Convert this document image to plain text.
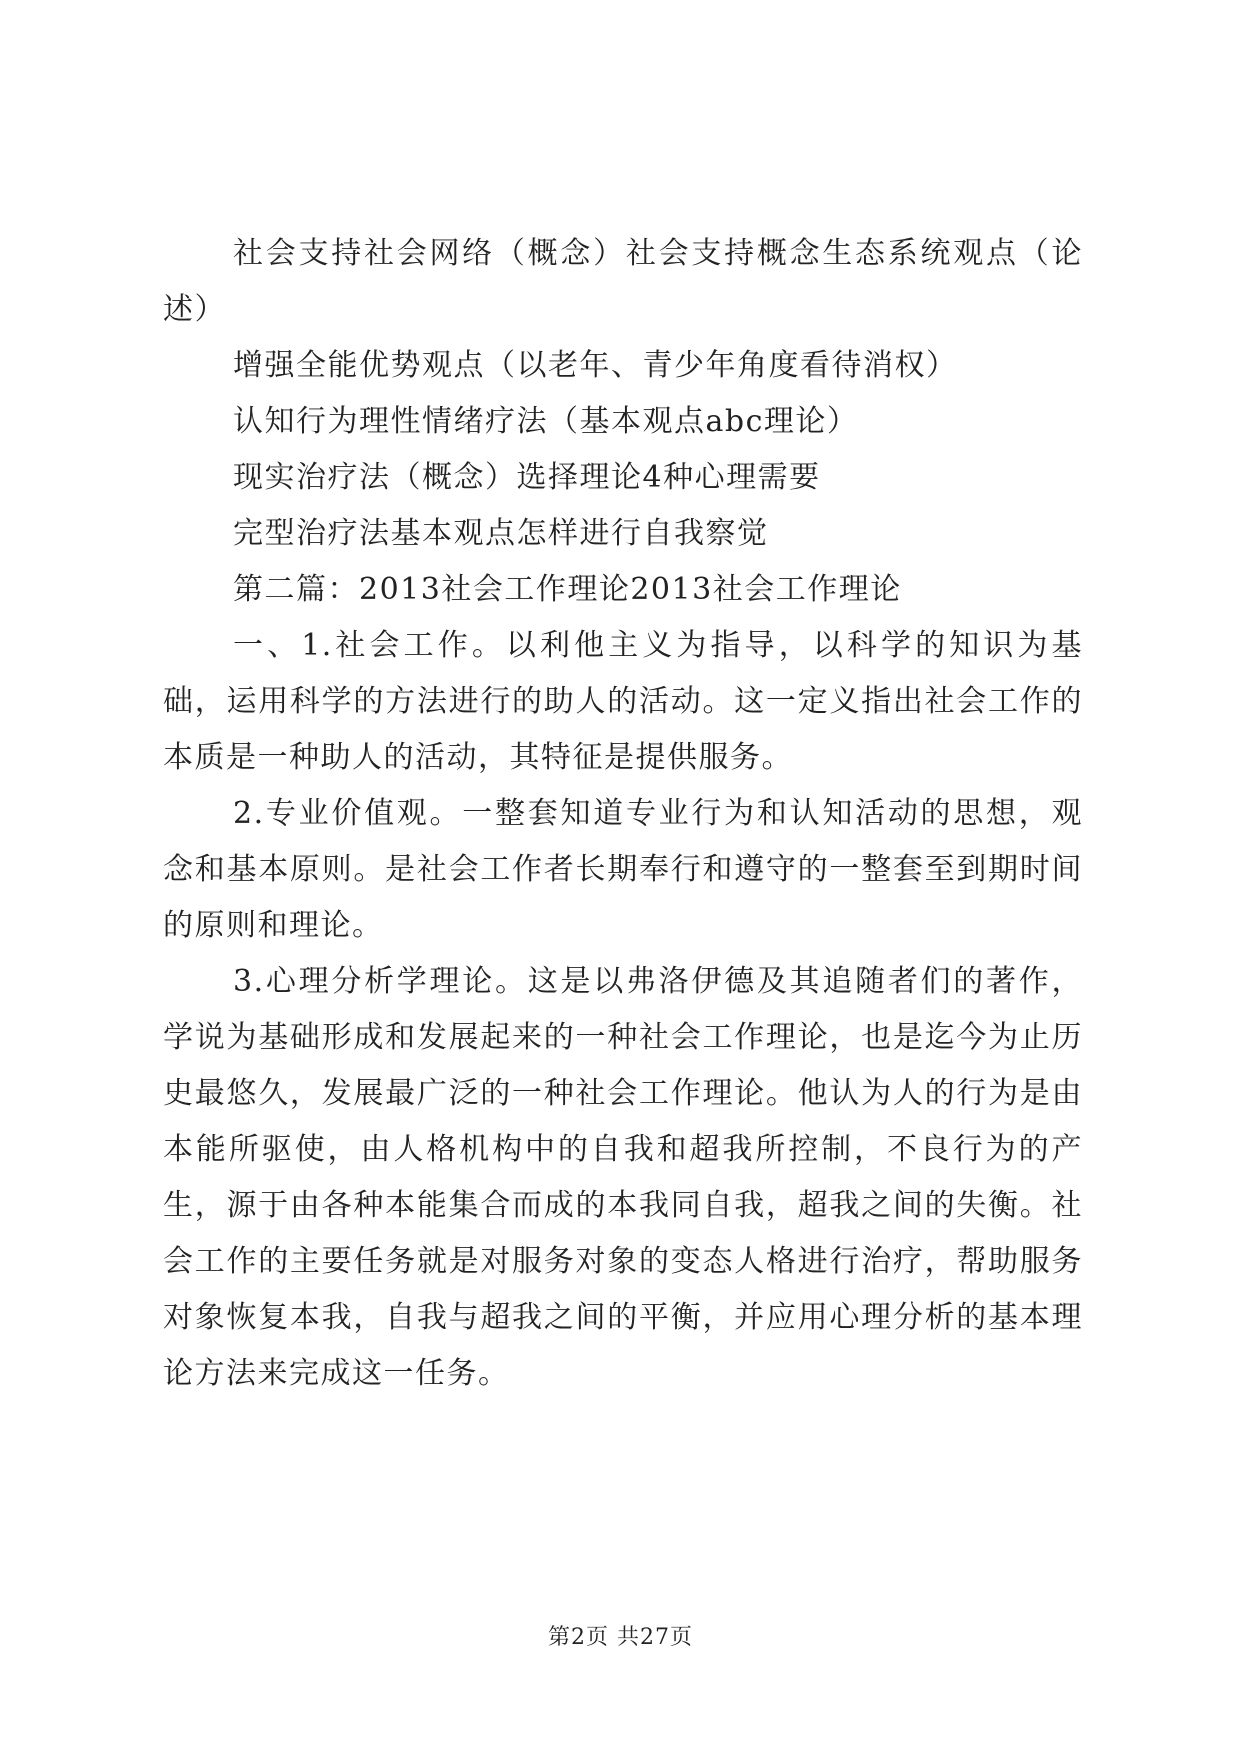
社会支持社会网络（概念）社会支持概念生态系统观点（论述）

增强全能优势观点（以老年、青少年角度看待消权）

认知行为理性情绪疗法（基本观点abc理论）

现实治疗法（概念）选择理论4种心理需要

完型治疗法基本观点怎样进行自我察觉

第二篇：2013社会工作理论2013社会工作理论

一、1.社会工作。以利他主义为指导，以科学的知识为基础，运用科学的方法进行的助人的活动。这一定义指出社会工作的本质是一种助人的活动，其特征是提供服务。

2.专业价值观。一整套知道专业行为和认知活动的思想，观念和基本原则。是社会工作者长期奉行和遵守的一整套至到期时间的原则和理论。

3.心理分析学理论。这是以弗洛伊德及其追随者们的著作，学说为基础形成和发展起来的一种社会工作理论，也是迄今为止历史最悠久，发展最广泛的一种社会工作理论。他认为人的行为是由本能所驱使，由人格机构中的自我和超我所控制，不良行为的产生，源于由各种本能集合而成的本我同自我，超我之间的失衡。社会工作的主要任务就是对服务对象的变态人格进行治疗，帮助服务对象恢复本我，自我与超我之间的平衡，并应用心理分析的基本理论方法来完成这一任务。

第2页 共27页
